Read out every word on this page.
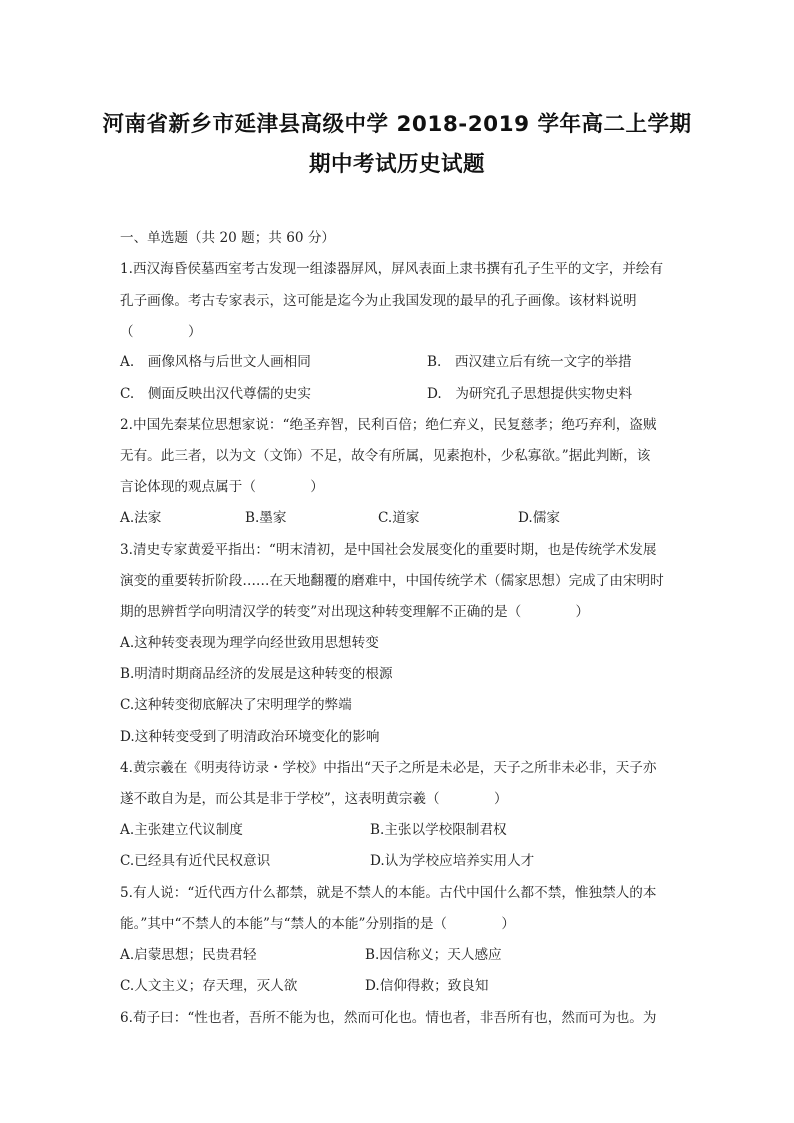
河南省新乡市延津县高级中学 2018-2019 学年高二上学期
期中考试历史试题
一、单选题（共 20 题；共 60 分）
1.西汉海昏侯墓西室考古发现一组漆器屏风，屏风表面上隶书撰有孔子生平的文字，并绘有
孔子画像。考古专家表示，这可能是迄今为止我国发现的最早的孔子画像。该材料说明
（　　　　）
A.　画像风格与后世文人画相同	B.　西汉建立后有统一文字的举措
C.　侧面反映出汉代尊儒的史实	D.　为研究孔子思想提供实物史料
2.中国先秦某位思想家说：“绝圣弃智，民利百倍；绝仁弃义，民复慈孝；绝巧弃利，盗贼
无有。此三者，以为文（文饰）不足，故令有所属，见素抱朴，少私寡欲。”据此判断，该
言论体现的观点属于（　　　　）
A.法家	B.墨家	C.道家	D.儒家
3.清史专家黄爱平指出：“明末清初，是中国社会发展变化的重要时期，也是传统学术发展
演变的重要转折阶段……在天地翻覆的磨难中，中国传统学术（儒家思想）完成了由宋明时
期的思辨哲学向明清汉学的转变”对出现这种转变理解不正确的是（　　　　）
A.这种转变表现为理学向经世致用思想转变
B.明清时期商品经济的发展是这种转变的根源
C.这种转变彻底解决了宋明理学的弊端
D.这种转变受到了明清政治环境变化的影响
4.黄宗羲在《明夷待访录・学校》中指出“天子之所是未必是，天子之所非未必非，天子亦
遂不敢自为是，而公其是非于学校”，这表明黄宗羲（　　　　）
A.主张建立代议制度	B.主张以学校限制君权
C.已经具有近代民权意识	D.认为学校应培养实用人才
5.有人说：“近代西方什么都禁，就是不禁人的本能。古代中国什么都不禁，惟独禁人的本
能。”其中“不禁人的本能”与“禁人的本能”分别指的是（　　　　）
A.启蒙思想；民贵君轻	B.因信称义；天人感应
C.人文主义；存天理，灭人欲	D.信仰得救；致良知
6.荀子曰：“性也者，吾所不能为也，然而可化也。情也者，非吾所有也，然而可为也。为
